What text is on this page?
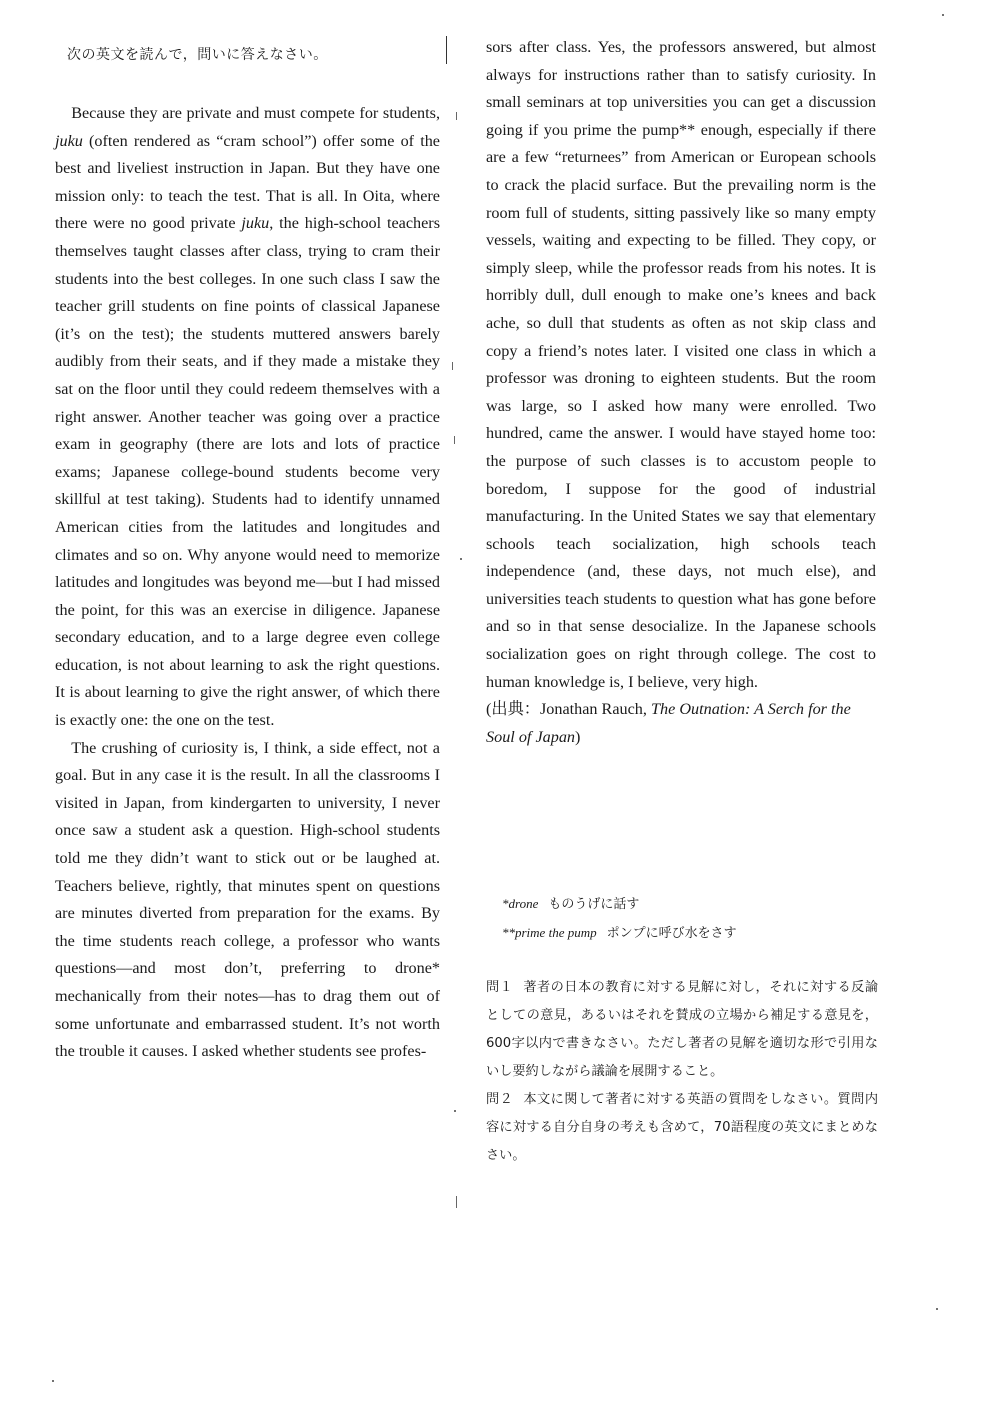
次の英文を読んで，問いに答えなさい。

Because they are private and must compete for students, juku (often rendered as “cram school”) offer some of the best and liveliest instruction in Japan. But they have one mission only: to teach the test. That is all. In Oita, where there were no good private juku, the high-school teachers themselves taught classes after class, trying to cram their students into the best colleges. In one such class I saw the teacher grill students on fine points of classical Japanese (it’s on the test); the students muttered answers barely audibly from their seats, and if they made a mistake they sat on the floor until they could redeem themselves with a right answer. Another teacher was going over a practice exam in geography (there are lots and lots of practice exams; Japanese college-bound students become very skillful at test taking). Students had to identify unnamed American cities from the latitudes and longitudes and climates and so on. Why anyone would need to memorize latitudes and longitudes was beyond me—but I had missed the point, for this was an exercise in diligence. Japanese secondary education, and to a large degree even college education, is not about learning to ask the right questions. It is about learning to give the right answer, of which there is exactly one: the one on the test.

The crushing of curiosity is, I think, a side effect, not a goal. But in any case it is the result. In all the classrooms I visited in Japan, from kindergarten to university, I never once saw a student ask a question. High-school students told me they didn’t want to stick out or be laughed at. Teachers believe, rightly, that minutes spent on questions are minutes diverted from preparation for the exams. By the time students reach college, a professor who wants questions—and most don’t, preferring to drone* mechanically from their notes—has to drag them out of some unfortunate and embarrassed student. It’s not worth the trouble it causes. I asked whether students see profes-

sors after class. Yes, the professors answered, but almost always for instructions rather than to satisfy curiosity. In small seminars at top universities you can get a discussion going if you prime the pump** enough, especially if there are a few “returnees” from American or European schools to crack the placid surface. But the prevailing norm is the room full of students, sitting passively like so many empty vessels, waiting and expecting to be filled. They copy, or simply sleep, while the professor reads from his notes. It is horribly dull, dull enough to make one’s knees and back ache, so dull that students as often as not skip class and copy a friend’s notes later. I visited one class in which a professor was droning to eighteen students. But the room was large, so I asked how many were enrolled. Two hundred, came the answer. I would have stayed home too: the purpose of such classes is to accustom people to boredom, I suppose for the good of industrial manufacturing. In the United States we say that elementary schools teach socialization, high schools teach independence (and, these days, not much else), and universities teach students to question what has gone before and so in that sense desocialize. In the Japanese schools socialization goes on right through college. The cost to human knowledge is, I believe, very high.

(出典：Jonathan Rauch, The Outnation: A Serch for the Soul of Japan)

*drone ものうげに話す
**prime the pump ポンプに呼び水をさす
問１ 著者の日本の教育に対する見解に対し，それに対する反論としての意見，あるいはそれを賛成の立場から補足する意見を，600字以内で書きなさい。ただし著者の見解を適切な形で引用ないし要約しながら議論を展開すること。
問２ 本文に関して著者に対する英語の質問をしなさい。質問内容に対する自分自身の考えも含めて，70語程度の英文にまとめなさい。
